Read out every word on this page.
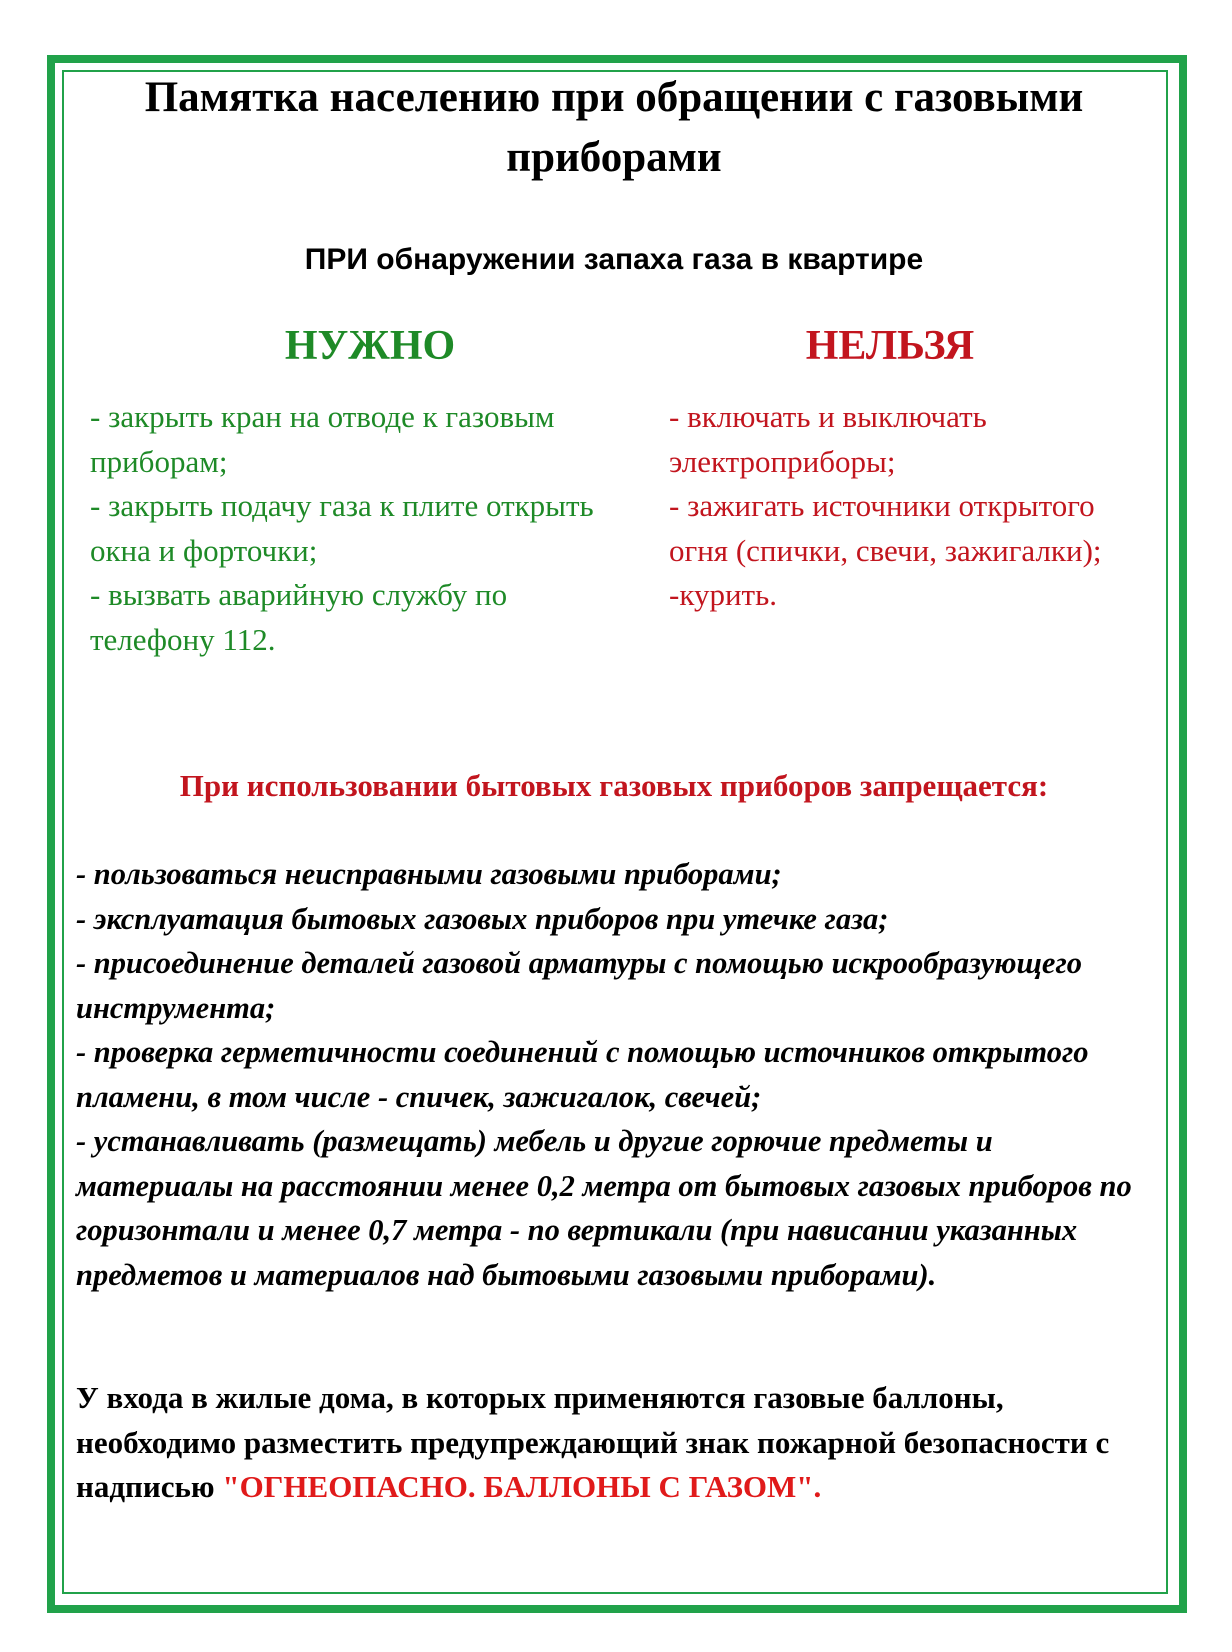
Памятка населению при обращении с газовыми приборами
ПРИ обнаружении запаха газа в квартире
НУЖНО	НЕЛЬЗЯ
- закрыть кран на отводе к газовым приборам;
- закрыть подачу газа к плите открыть окна и форточки;
- вызвать аварийную службу по телефону 112.
- включать и выключать электроприборы;
- зажигать источники открытого огня (спички, свечи, зажигалки);
-курить.
При использовании бытовых газовых приборов запрещается:
- пользоваться неисправными газовыми приборами;
- эксплуатация бытовых газовых приборов при утечке газа;
- присоединение деталей газовой арматуры с помощью искрообразующего инструмента;
- проверка герметичности соединений с помощью источников открытого пламени, в том числе - спичек, зажигалок, свечей;
- устанавливать (размещать) мебель и другие горючие предметы и материалы на расстоянии менее 0,2 метра от бытовых газовых приборов по горизонтали и менее 0,7 метра - по вертикали (при нависании указанных предметов и материалов над бытовыми газовыми приборами).

У входа в жилые дома, в которых применяются газовые баллоны, необходимо разместить предупреждающий знак пожарной безопасности с надписью "ОГНЕОПАСНО. БАЛЛОНЫ С ГАЗОМ".
